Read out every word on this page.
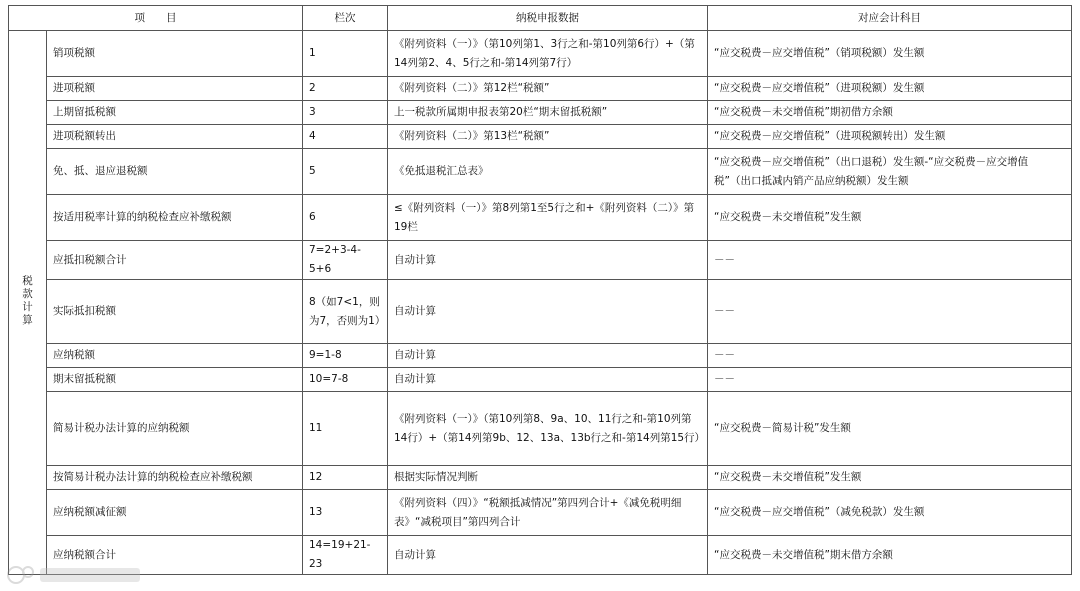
项　　目		栏次	纳税申报数据	对应会计科目
税款计算	销项税额	1	《附列资料（一）》（第10列第1、3行之和-第10列第6行）+（第14列第2、4、5行之和-第14列第7行）	“应交税费－应交增值税”（销项税额）发生额
	进项税额	2	《附列资料（二）》第12栏“税额”	“应交税费－应交增值税”（进项税额）发生额
	上期留抵税额	3	上一税款所属期申报表第20栏“期末留抵税额”	“应交税费－未交增值税”期初借方余额
	进项税额转出	4	《附列资料（二）》第13栏“税额”	“应交税费－应交增值税”（进项税额转出）发生额
	免、抵、退应退税额	5	《免抵退税汇总表》	“应交税费－应交增值税”（出口退税）发生额-“应交税费－应交增值税”（出口抵减内销产品应纳税额）发生额
	按适用税率计算的纳税检查应补缴税额	6	≤《附列资料（一）》第8列第1至5行之和+《附列资料（二）》第19栏	“应交税费－未交增值税”发生额
	应抵扣税额合计	7=2+3-4-5+6	自动计算	－－
	实际抵扣税额	8（如7<1，则为7，否则为1）	自动计算	－－
	应纳税额	9=1-8	自动计算	－－
	期末留抵税额	10=7-8	自动计算	－－
	简易计税办法计算的应纳税额	11	《附列资料（一）》（第10列第8、9a、10、11行之和-第10列第14行）+（第14列第9b、12、13a、13b行之和-第14列第15行）	“应交税费－简易计税”发生额
	按简易计税办法计算的纳税检查应补缴税额	12	根据实际情况判断	“应交税费－未交增值税”发生额
	应纳税额减征额	13	《附列资料（四）》“税额抵减情况”第四列合计+《减免税明细表》“减税项目”第四列合计	“应交税费－应交增值税”（减免税款）发生额
	应纳税额合计	14=19+21-23	自动计算	“应交税费－未交增值税”期末借方余额
